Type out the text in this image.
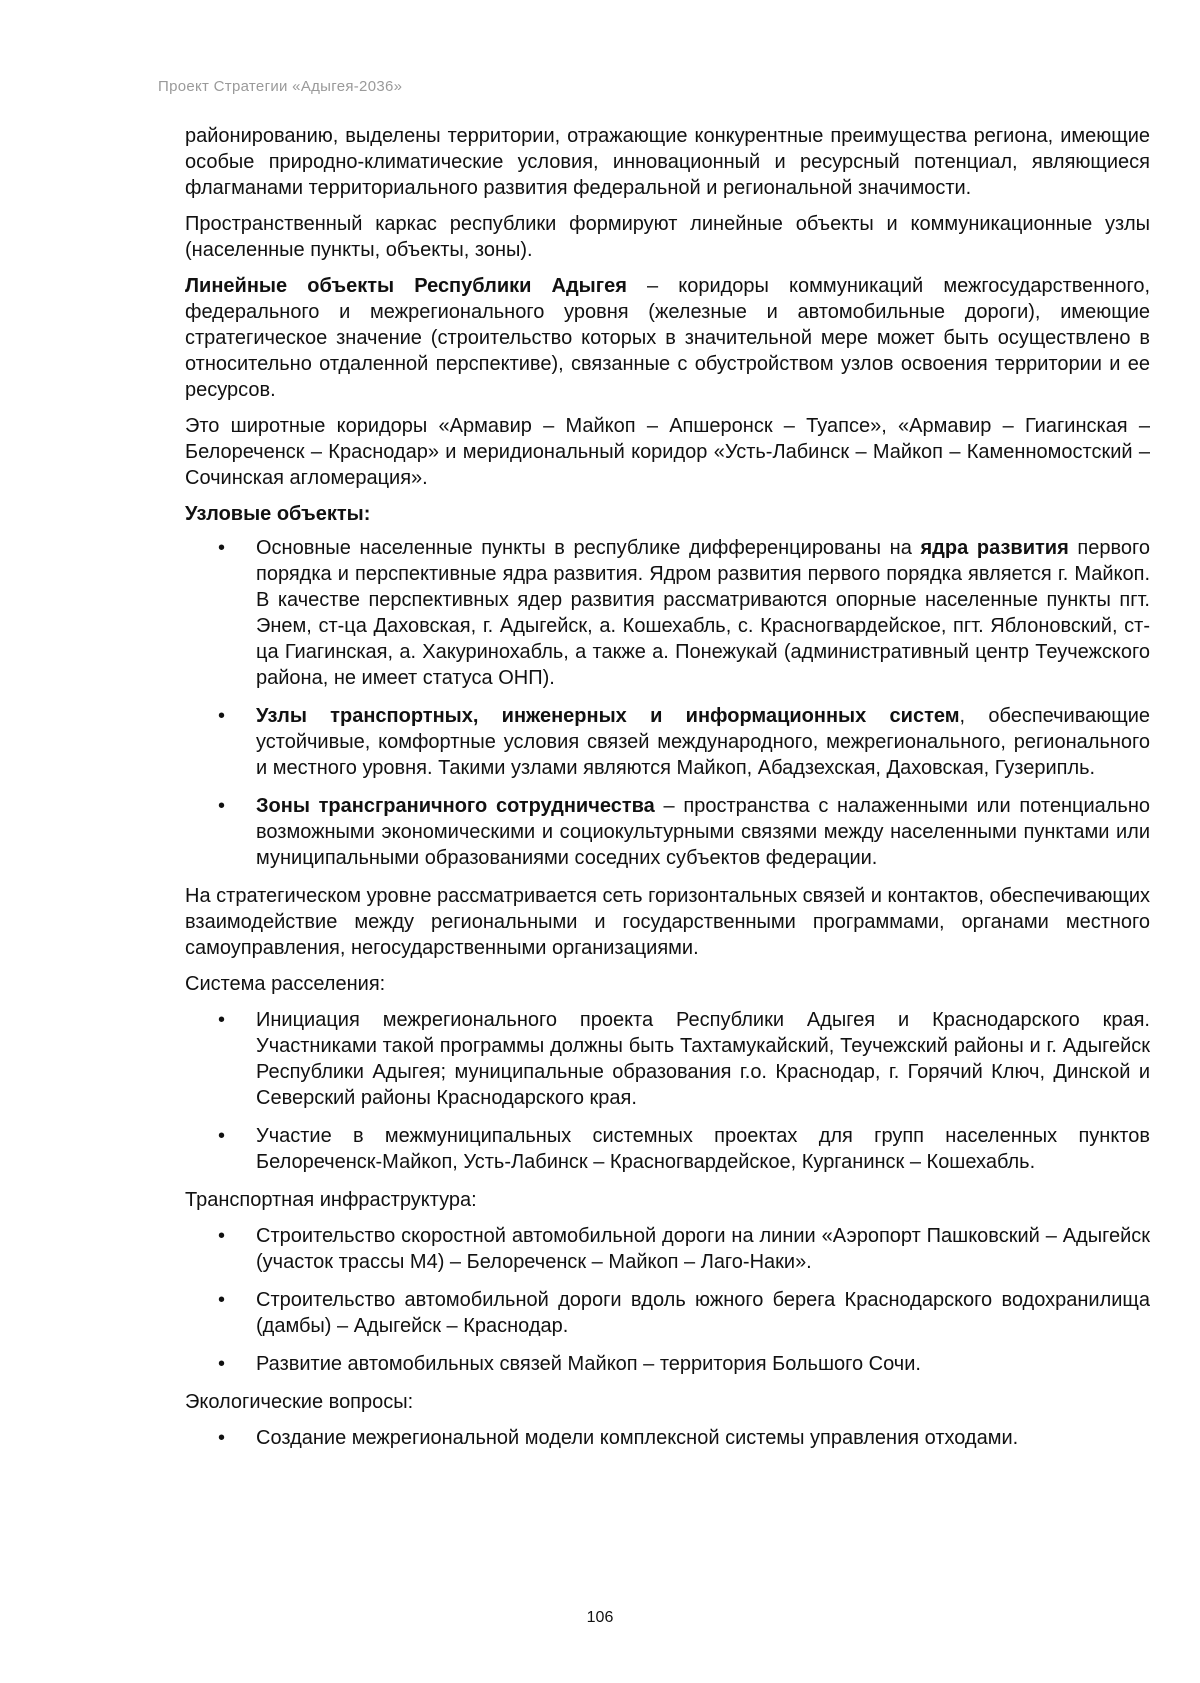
Проект Стратегии «Адыгея-2036»

районированию, выделены территории, отражающие конкурентные преимущества региона, имеющие особые природно-климатические условия, инновационный и ресурсный потенциал, являющиеся флагманами территориального развития федеральной и региональной значимости.

Пространственный каркас республики формируют линейные объекты и коммуникационные узлы (населенные пункты, объекты, зоны).

Линейные объекты Республики Адыгея – коридоры коммуникаций межгосударственного, федерального и межрегионального уровня (железные и автомобильные дороги), имеющие стратегическое значение (строительство которых в значительной мере может быть осуществлено в относительно отдаленной перспективе), связанные с обустройством узлов освоения территории и ее ресурсов.

Это широтные коридоры «Армавир – Майкоп – Апшеронск – Туапсе», «Армавир – Гиагинская – Белореченск – Краснодар» и меридиональный коридор «Усть-Лабинск – Майкоп – Каменномостский – Сочинская агломерация».

Узловые объекты:

• Основные населенные пункты в республике дифференцированы на ядра развития первого порядка и перспективные ядра развития. Ядром развития первого порядка является г. Майкоп. В качестве перспективных ядер развития рассматриваются опорные населенные пункты пгт. Энем, ст-ца Даховская, г. Адыгейск, а. Кошехабль, с. Красногвардейское, пгт. Яблоновский, ст-ца Гиагинская, а. Хакуринохабль, а также а. Понежукай (административный центр Теучежского района, не имеет статуса ОНП).
• Узлы транспортных, инженерных и информационных систем, обеспечивающие устойчивые, комфортные условия связей международного, межрегионального, регионального и местного уровня. Такими узлами являются Майкоп, Абадзехская, Даховская, Гузерипль.
• Зоны трансграничного сотрудничества – пространства с налаженными или потенциально возможными экономическими и социокультурными связями между населенными пунктами или муниципальными образованиями соседних субъектов федерации.

На стратегическом уровне рассматривается сеть горизонтальных связей и контактов, обеспечивающих взаимодействие между региональными и государственными программами, органами местного самоуправления, негосударственными организациями.

Система расселения:

• Инициация межрегионального проекта Республики Адыгея и Краснодарского края. Участниками такой программы должны быть Тахтамукайский, Теучежский районы и г. Адыгейск Республики Адыгея; муниципальные образования г.о. Краснодар, г. Горячий Ключ, Динской и Северский районы Краснодарского края.
• Участие в межмуниципальных системных проектах для групп населенных пунктов Белореченск-Майкоп, Усть-Лабинск – Красногвардейское, Курганинск – Кошехабль.

Транспортная инфраструктура:

• Строительство скоростной автомобильной дороги на линии «Аэропорт Пашковский – Адыгейск (участок трассы М4) – Белореченск – Майкоп – Лаго-Наки».
• Строительство автомобильной дороги вдоль южного берега Краснодарского водохранилища (дамбы) – Адыгейск – Краснодар.
• Развитие автомобильных связей Майкоп – территория Большого Сочи.

Экологические вопросы:

• Создание межрегиональной модели комплексной системы управления отходами.
106
